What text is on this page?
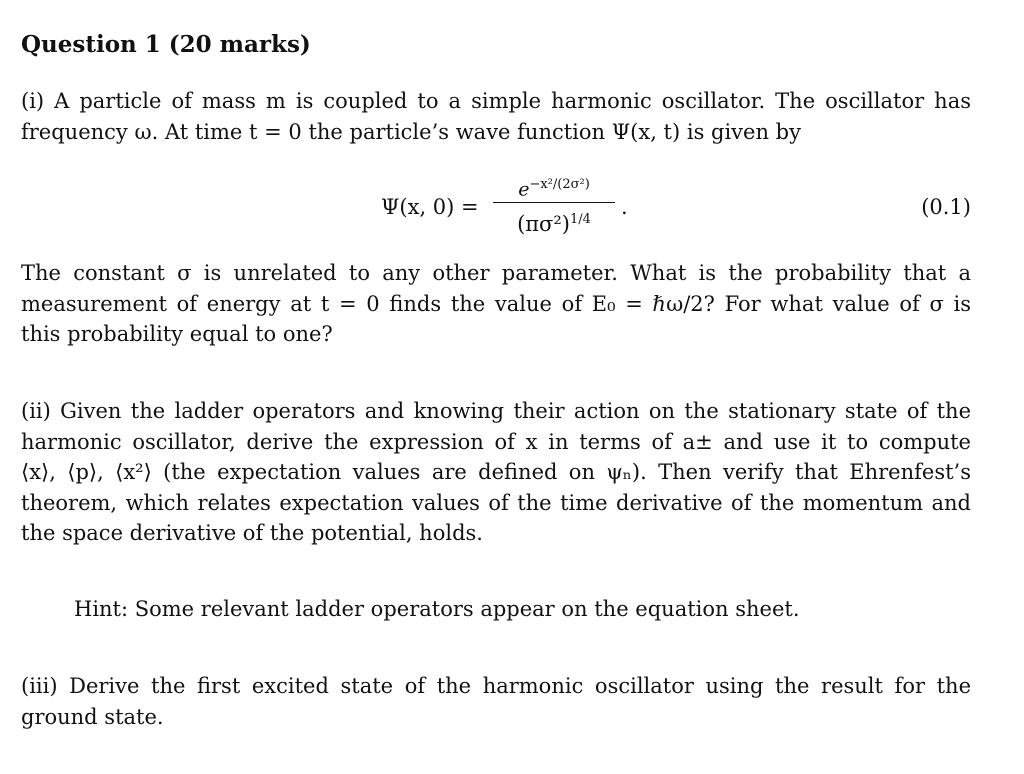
Question 1 (20 marks)
(i) A particle of mass m is coupled to a simple harmonic oscillator. The oscillator has
frequency ω. At time t = 0 the particle’s wave function Ψ(x, t) is given by
Ψ(x, 0) =
$e^{-x^2/(2\sigma^2)}$
$(\pi\sigma^2)^{1/4}$
.	(0.1)
The constant σ is unrelated to any other parameter. What is the probability that a
measurement of energy at t = 0 finds the value of E₀ = ℏω/2? For what value of σ is
this probability equal to one?
(ii) Given the ladder operators and knowing their action on the stationary state of the
harmonic oscillator, derive the expression of x in terms of a± and use it to compute
⟨x⟩, ⟨p⟩, ⟨x²⟩ (the expectation values are defined on ψₙ). Then verify that Ehrenfest’s
theorem, which relates expectation values of the time derivative of the momentum and
the space derivative of the potential, holds.
Hint: Some relevant ladder operators appear on the equation sheet.
(iii) Derive the first excited state of the harmonic oscillator using the result for the
ground state.
